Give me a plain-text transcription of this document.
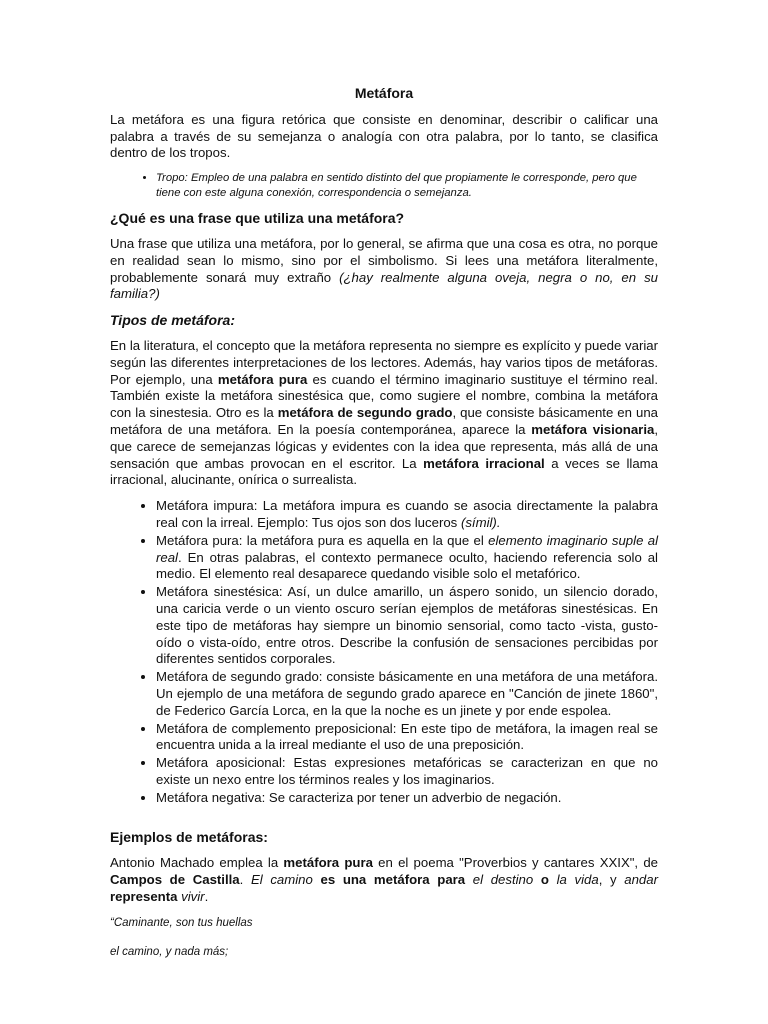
Metáfora

La metáfora es una figura retórica que consiste en denominar, describir o calificar una palabra a través de su semejanza o analogía con otra palabra, por lo tanto, se clasifica dentro de los tropos.

• Tropo: Empleo de una palabra en sentido distinto del que propiamente le corresponde, pero que tiene con este alguna conexión, correspondencia o semejanza.
¿Qué es una frase que utiliza una metáfora?

Una frase que utiliza una metáfora, por lo general, se afirma que una cosa es otra, no porque en realidad sean lo mismo, sino por el simbolismo. Si lees una metáfora literalmente, probablemente sonará muy extraño (¿hay realmente alguna oveja, negra o no, en su familia?)

Tipos de metáfora:

En la literatura, el concepto que la metáfora representa no siempre es explícito y puede variar según las diferentes interpretaciones de los lectores. Además, hay varios tipos de metáforas. Por ejemplo, una metáfora pura es cuando el término imaginario sustituye el término real. También existe la metáfora sinestésica que, como sugiere el nombre, combina la metáfora con la sinestesia. Otro es la metáfora de segundo grado, que consiste básicamente en una metáfora de una metáfora. En la poesía contemporánea, aparece la metáfora visionaria, que carece de semejanzas lógicas y evidentes con la idea que representa, más allá de una sensación que ambas provocan en el escritor. La metáfora irracional a veces se llama irracional, alucinante, onírica o surrealista.

• Metáfora impura: La metáfora impura es cuando se asocia directamente la palabra real con la irreal. Ejemplo: Tus ojos son dos luceros (símil).
• Metáfora pura: la metáfora pura es aquella en la que el elemento imaginario suple al real. En otras palabras, el contexto permanece oculto, haciendo referencia solo al medio. El elemento real desaparece quedando visible solo el metafórico.
• Metáfora sinestésica: Así, un dulce amarillo, un áspero sonido, un silencio dorado, una caricia verde o un viento oscuro serían ejemplos de metáforas sinestésicas. En este tipo de metáforas hay siempre un binomio sensorial, como tacto -vista, gusto-oído o vista-oído, entre otros. Describe la confusión de sensaciones percibidas por diferentes sentidos corporales.
• Metáfora de segundo grado: consiste básicamente en una metáfora de una metáfora. Un ejemplo de una metáfora de segundo grado aparece en "Canción de jinete 1860", de Federico García Lorca, en la que la noche es un jinete y por ende espolea.
• Metáfora de complemento preposicional: En este tipo de metáfora, la imagen real se encuentra unida a la irreal mediante el uso de una preposición.
• Metáfora aposicional: Estas expresiones metafóricas se caracterizan en que no existe un nexo entre los términos reales y los imaginarios.
• Metáfora negativa: Se caracteriza por tener un adverbio de negación.
Ejemplos de metáforas:

Antonio Machado emplea la metáfora pura en el poema "Proverbios y cantares XXIX", de Campos de Castilla. El camino es una metáfora para el destino o la vida, y andar representa vivir.

“Caminante, son tus huellas
el camino, y nada más;
